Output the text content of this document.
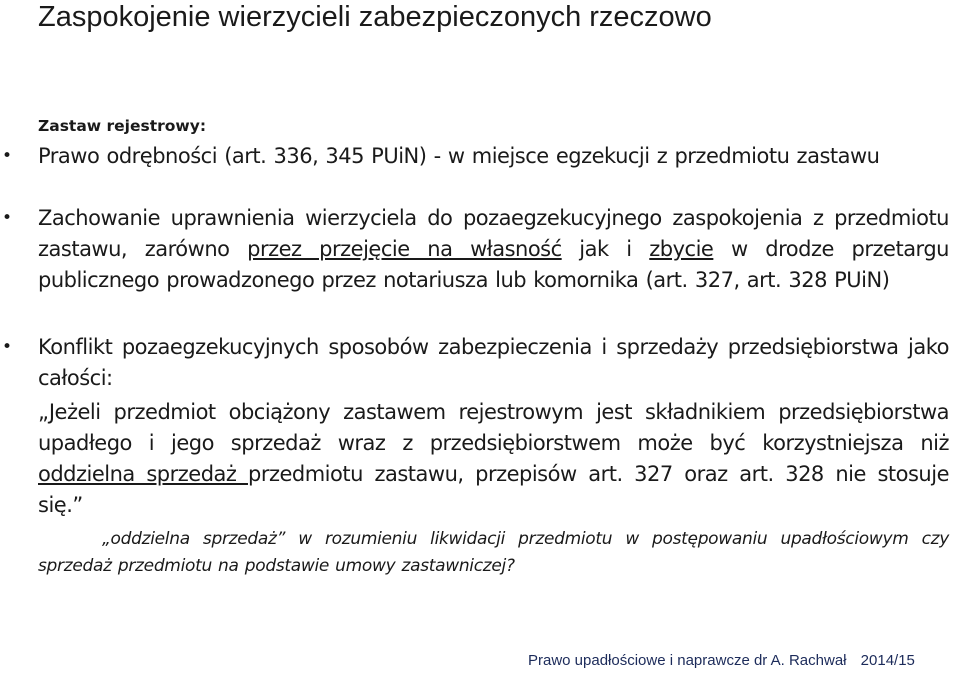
Zaspokojenie wierzycieli zabezpieczonych rzeczowo
Zastaw rejestrowy:
• Prawo odrębności (art. 336, 345 PUiN) - w miejsce egzekucji z przedmiotu zastawu
• Zachowanie uprawnienia wierzyciela do pozaegzekucyjnego zaspokojenia z przedmiotu zastawu, zarówno przez przejęcie na własność jak i zbycie w drodze przetargu publicznego prowadzonego przez notariusza lub komornika (art. 327, art. 328 PUiN)
• Konflikt pozaegzekucyjnych sposobów zabezpieczenia i sprzedaży przedsiębiorstwa jako całości:
„Jeżeli przedmiot obciążony zastawem rejestrowym jest składnikiem przedsiębiorstwa upadłego i jego sprzedaż wraz z przedsiębiorstwem może być korzystniejsza niż oddzielna sprzedaż przedmiotu zastawu, przepisów art. 327 oraz art. 328 nie stosuje się.”
„oddzielna sprzedaż” w rozumieniu likwidacji przedmiotu w postępowaniu upadłościowym czy sprzedaż przedmiotu na podstawie umowy zastawniczej?
Prawo upadłościowe i naprawcze dr A. Rachwał 2014/15
